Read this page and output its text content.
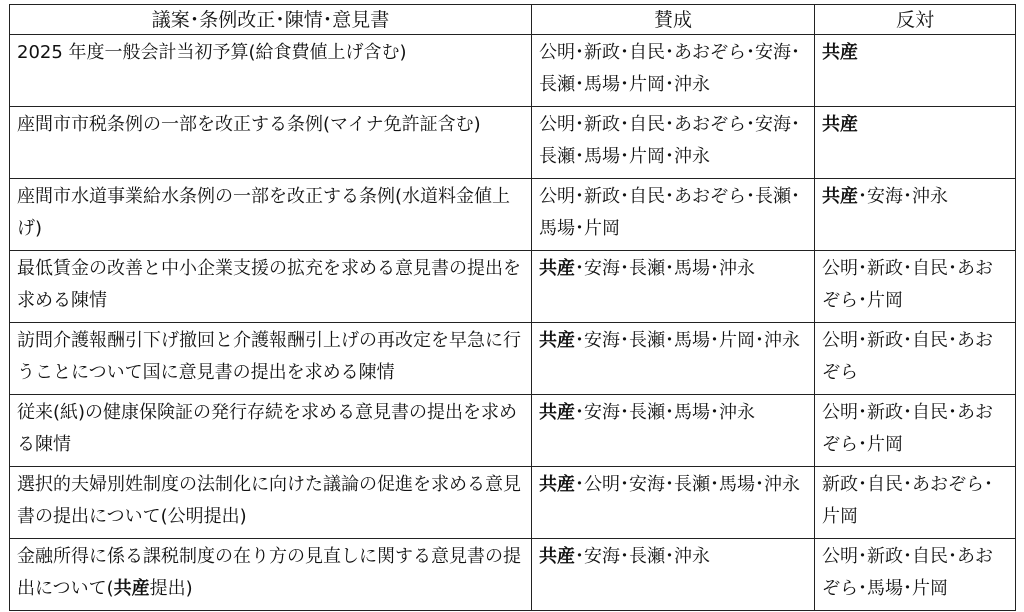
議案･条例改正･陳情･意見書	賛成	反対
2025 年度一般会計当初予算(給食費値上げ含む)	公明･新政･自民･あおぞら･安海･長瀬･馬場･片岡･沖永	共産
座間市市税条例の一部を改正する条例(マイナ免許証含む)	公明･新政･自民･あおぞら･安海･長瀬･馬場･片岡･沖永	共産
座間市水道事業給水条例の一部を改正する条例(水道料金値上げ)	公明･新政･自民･あおぞら･長瀬･馬場･片岡	共産･安海･沖永
最低賃金の改善と中小企業支援の拡充を求める意見書の提出を求める陳情	共産･安海･長瀬･馬場･沖永	公明･新政･自民･あおぞら･片岡
訪問介護報酬引下げ撤回と介護報酬引上げの再改定を早急に行うことについて国に意見書の提出を求める陳情	共産･安海･長瀬･馬場･片岡･沖永	公明･新政･自民･あおぞら
従来(紙)の健康保険証の発行存続を求める意見書の提出を求める陳情	共産･安海･長瀬･馬場･沖永	公明･新政･自民･あおぞら･片岡
選択的夫婦別姓制度の法制化に向けた議論の促進を求める意見書の提出について(公明提出)	共産･公明･安海･長瀬･馬場･沖永	新政･自民･あおぞら･片岡
金融所得に係る課税制度の在り方の見直しに関する意見書の提出について(共産提出)	共産･安海･長瀬･沖永	公明･新政･自民･あおぞら･馬場･片岡
